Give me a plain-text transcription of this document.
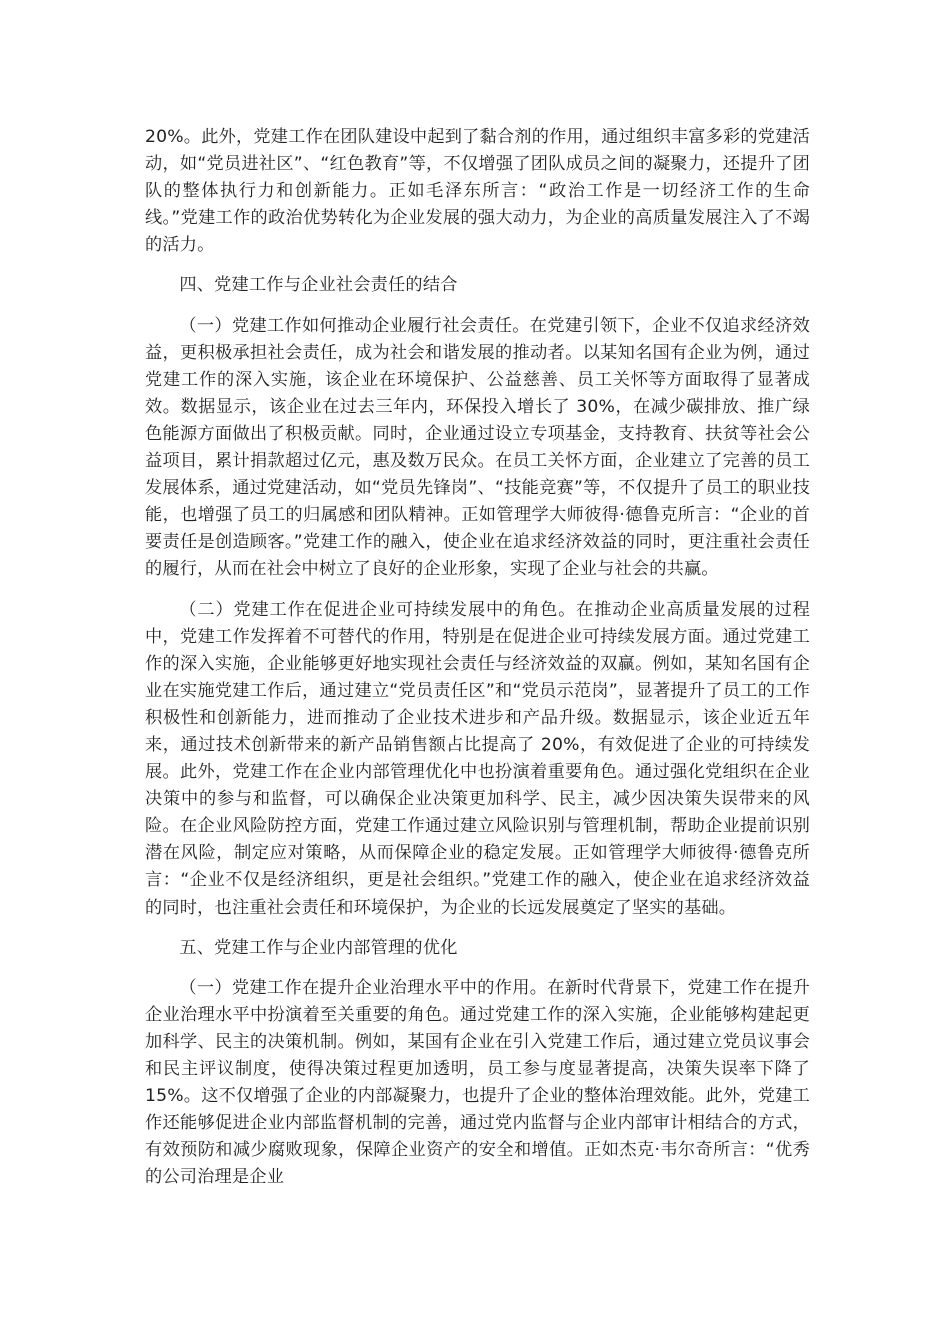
20%。此外，党建工作在团队建设中起到了黏合剂的作用，通过组织丰富多彩的党建活动，如“党员进社区”、“红色教育”等，不仅增强了团队成员之间的凝聚力，还提升了团队的整体执行力和创新能力。正如毛泽东所言：“政治工作是一切经济工作的生命线。”党建工作的政治优势转化为企业发展的强大动力，为企业的高质量发展注入了不竭的活力。

四、党建工作与企业社会责任的结合

（一）党建工作如何推动企业履行社会责任。在党建引领下，企业不仅追求经济效益，更积极承担社会责任，成为社会和谐发展的推动者。以某知名国有企业为例，通过党建工作的深入实施，该企业在环境保护、公益慈善、员工关怀等方面取得了显著成效。数据显示，该企业在过去三年内，环保投入增长了 30%，在减少碳排放、推广绿色能源方面做出了积极贡献。同时，企业通过设立专项基金，支持教育、扶贫等社会公益项目，累计捐款超过亿元，惠及数万民众。在员工关怀方面，企业建立了完善的员工发展体系，通过党建活动，如“党员先锋岗”、“技能竞赛”等，不仅提升了员工的职业技能，也增强了员工的归属感和团队精神。正如管理学大师彼得·德鲁克所言：“企业的首要责任是创造顾客。”党建工作的融入，使企业在追求经济效益的同时，更注重社会责任的履行，从而在社会中树立了良好的企业形象，实现了企业与社会的共赢。

（二）党建工作在促进企业可持续发展中的角色。在推动企业高质量发展的过程中，党建工作发挥着不可替代的作用，特别是在促进企业可持续发展方面。通过党建工作的深入实施，企业能够更好地实现社会责任与经济效益的双赢。例如，某知名国有企业在实施党建工作后，通过建立“党员责任区”和“党员示范岗”，显著提升了员工的工作积极性和创新能力，进而推动了企业技术进步和产品升级。数据显示，该企业近五年来，通过技术创新带来的新产品销售额占比提高了 20%，有效促进了企业的可持续发展。此外，党建工作在企业内部管理优化中也扮演着重要角色。通过强化党组织在企业决策中的参与和监督，可以确保企业决策更加科学、民主，减少因决策失误带来的风险。在企业风险防控方面，党建工作通过建立风险识别与管理机制，帮助企业提前识别潜在风险，制定应对策略，从而保障企业的稳定发展。正如管理学大师彼得·德鲁克所言：“企业不仅是经济组织，更是社会组织。”党建工作的融入，使企业在追求经济效益的同时，也注重社会责任和环境保护，为企业的长远发展奠定了坚实的基础。

五、党建工作与企业内部管理的优化

（一）党建工作在提升企业治理水平中的作用。在新时代背景下，党建工作在提升企业治理水平中扮演着至关重要的角色。通过党建工作的深入实施，企业能够构建起更加科学、民主的决策机制。例如，某国有企业在引入党建工作后，通过建立党员议事会和民主评议制度，使得决策过程更加透明，员工参与度显著提高，决策失误率下降了 15%。这不仅增强了企业的内部凝聚力，也提升了企业的整体治理效能。此外，党建工作还能够促进企业内部监督机制的完善，通过党内监督与企业内部审计相结合的方式，有效预防和减少腐败现象，保障企业资产的安全和增值。正如杰克·韦尔奇所言：“优秀的公司治理是企业
